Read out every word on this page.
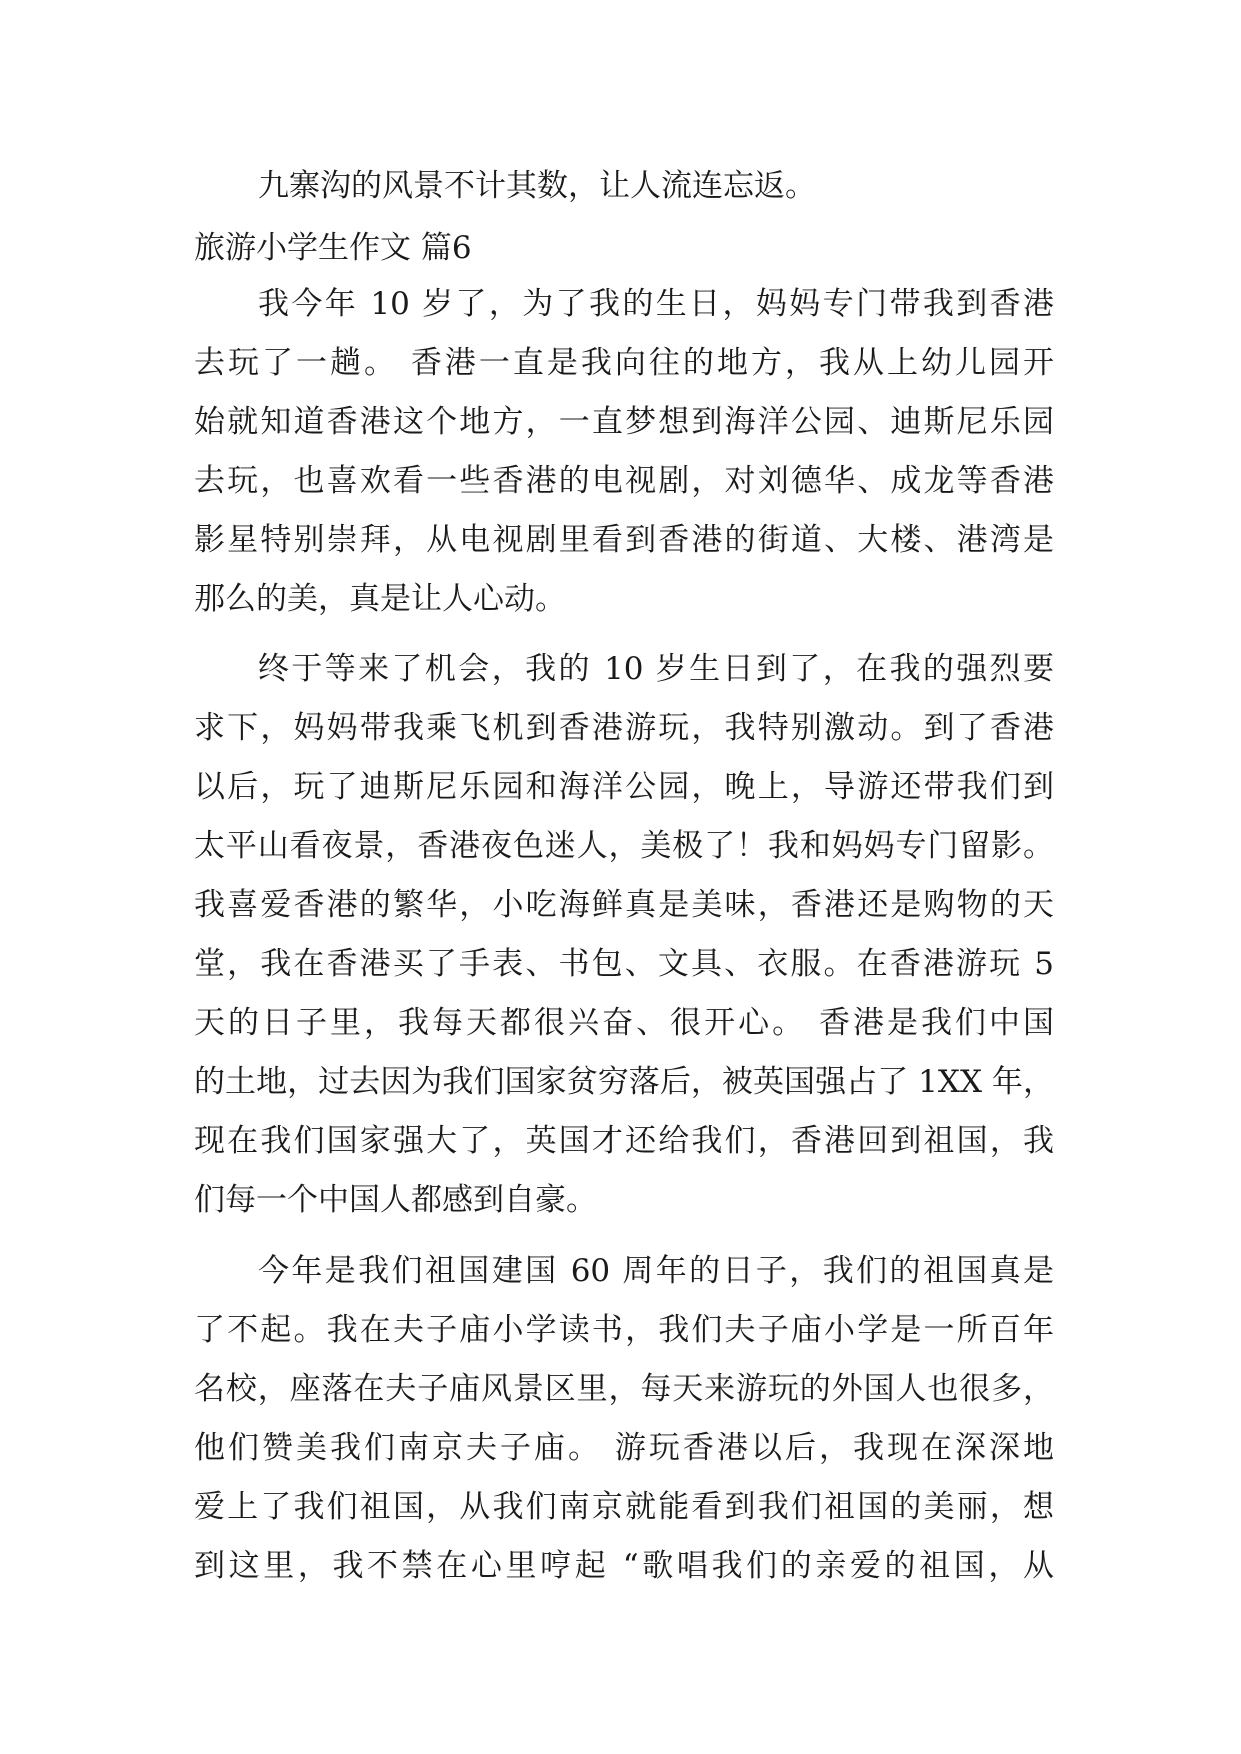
九寨沟的风景不计其数，让人流连忘返。
旅游小学生作文 篇6
我今年 10 岁了，为了我的生日，妈妈专门带我到香港
去玩了一趟。 香港一直是我向往的地方，我从上幼儿园开
始就知道香港这个地方，一直梦想到海洋公园、迪斯尼乐园
去玩，也喜欢看一些香港的电视剧，对刘德华、成龙等香港
影星特别崇拜，从电视剧里看到香港的街道、大楼、港湾是
那么的美，真是让人心动。
终于等来了机会，我的 10 岁生日到了，在我的强烈要
求下，妈妈带我乘飞机到香港游玩，我特别激动。到了香港
以后，玩了迪斯尼乐园和海洋公园，晚上，导游还带我们到
太平山看夜景，香港夜色迷人，美极了！我和妈妈专门留影。
我喜爱香港的繁华，小吃海鲜真是美味，香港还是购物的天
堂，我在香港买了手表、书包、文具、衣服。在香港游玩 5
天的日子里，我每天都很兴奋、很开心。 香港是我们中国
的土地，过去因为我们国家贫穷落后，被英国强占了 1XX 年，
现在我们国家强大了，英国才还给我们，香港回到祖国，我
们每一个中国人都感到自豪。
今年是我们祖国建国 60 周年的日子，我们的祖国真是
了不起。我在夫子庙小学读书，我们夫子庙小学是一所百年
名校，座落在夫子庙风景区里，每天来游玩的外国人也很多，
他们赞美我们南京夫子庙。 游玩香港以后，我现在深深地
爱上了我们祖国，从我们南京就能看到我们祖国的美丽，想
到这里，我不禁在心里哼起 “歌唱我们的亲爱的祖国，从
